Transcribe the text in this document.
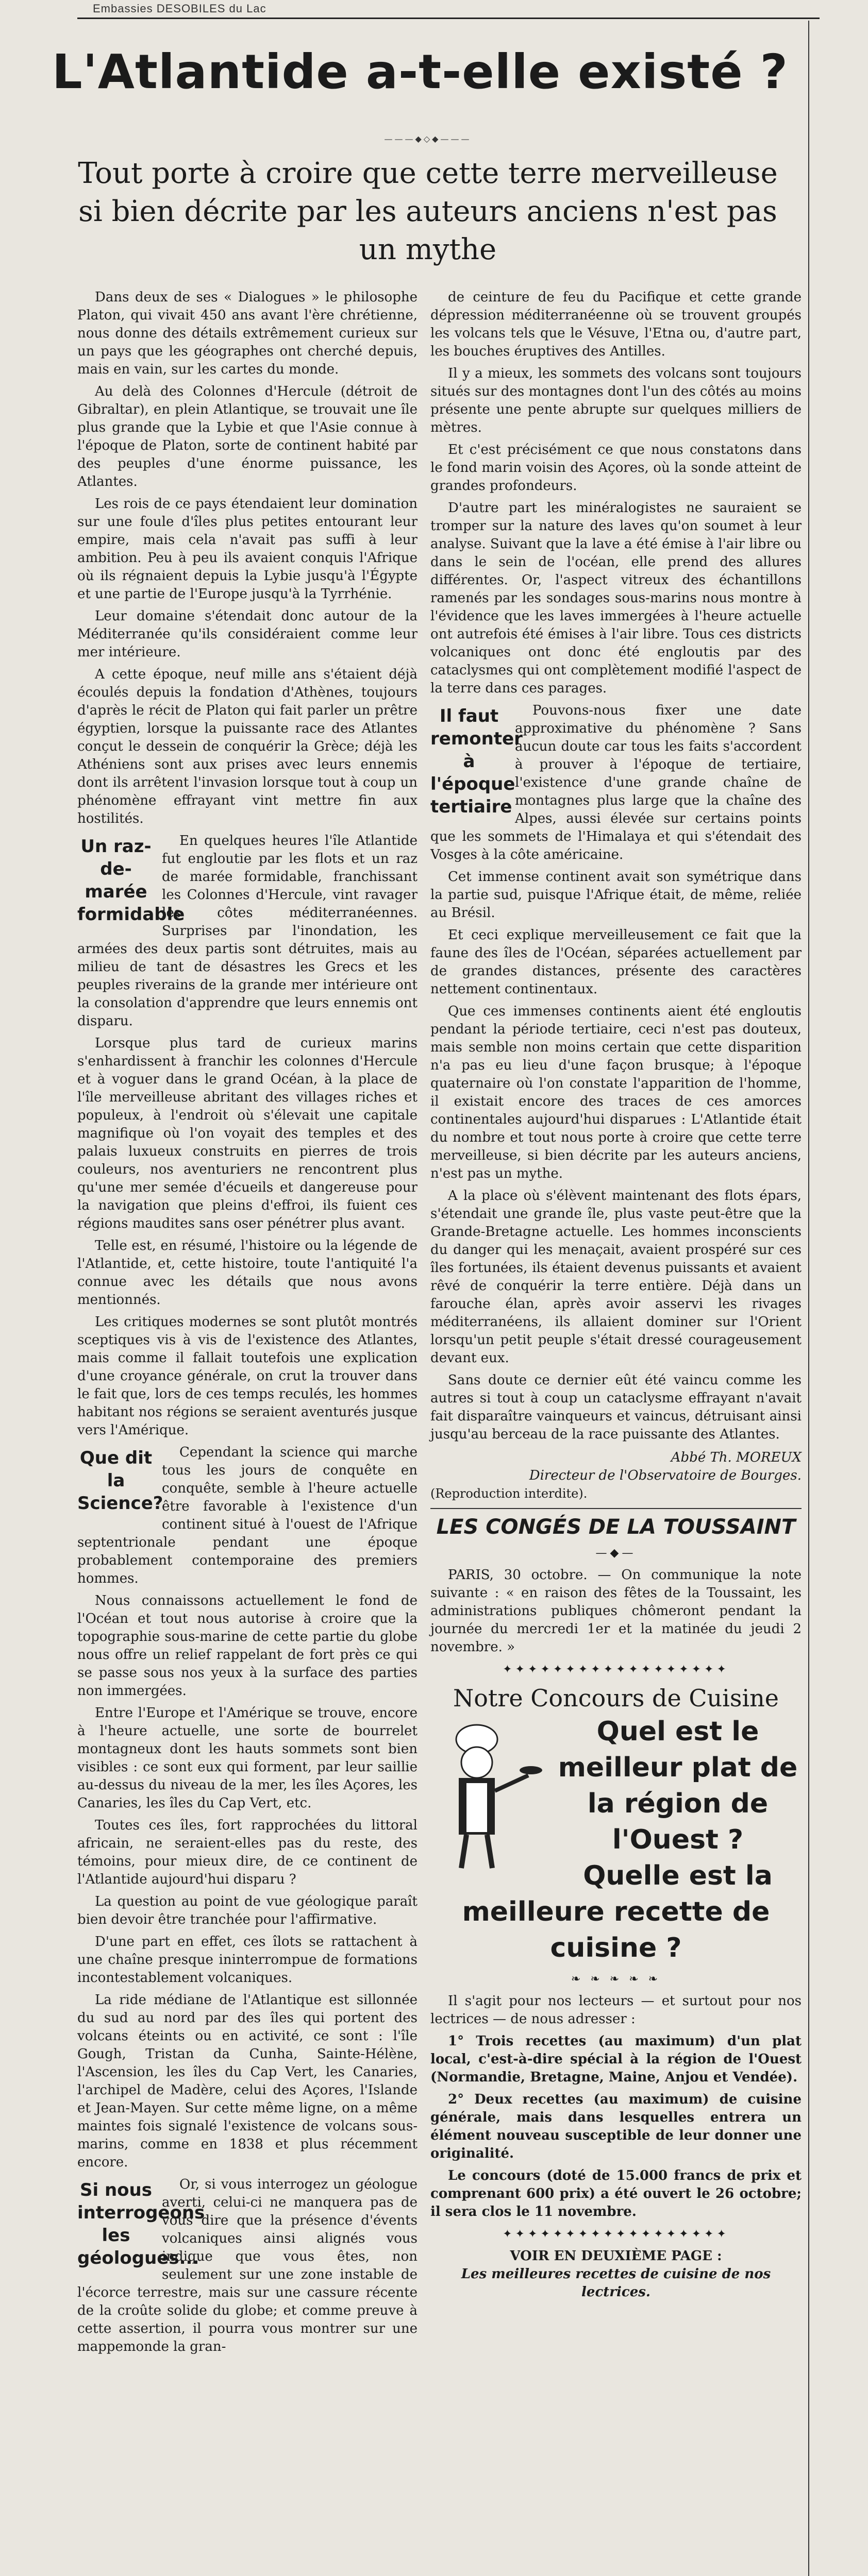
Embassies DESOBILES du Lac
L'Atlantide a-t-elle existé ?
———◆◇◆———
Tout porte à croire que cette terre merveilleuse si bien décrite par les auteurs anciens n'est pas un mythe

Dans deux de ses « Dialogues » le philosophe Platon, qui vivait 450 ans avant l'ère chrétienne, nous donne des détails extrêmement curieux sur un pays que les géographes ont cherché depuis, mais en vain, sur les cartes du monde.

Au delà des Colonnes d'Hercule (détroit de Gibraltar), en plein Atlantique, se trouvait une île plus grande que la Lybie et que l'Asie connue à l'époque de Platon, sorte de continent habité par des peuples d'une énorme puissance, les Atlantes.

Les rois de ce pays étendaient leur domination sur une foule d'îles plus petites entourant leur empire, mais cela n'avait pas suffi à leur ambition. Peu à peu ils avaient conquis l'Afrique où ils régnaient depuis la Lybie jusqu'à l'Égypte et une partie de l'Europe jusqu'à la Tyrrhénie.

Leur domaine s'étendait donc autour de la Méditerranée qu'ils considéraient comme leur mer intérieure.

A cette époque, neuf mille ans s'étaient déjà écoulés depuis la fondation d'Athènes, toujours d'après le récit de Platon qui fait parler un prêtre égyptien, lorsque la puissante race des Atlantes conçut le dessein de conquérir la Grèce; déjà les Athéniens sont aux prises avec leurs ennemis dont ils arrêtent l'invasion lorsque tout à coup un phénomène effrayant vint mettre fin aux hostilités.

Un raz-de-marée formidable

En quelques heures l'île Atlantide fut engloutie par les flots et un raz de marée formidable, franchissant les Colonnes d'Hercule, vint ravager les côtes méditerranéennes. Surprises par l'inondation, les armées des deux partis sont détruites, mais au milieu de tant de désastres les Grecs et les peuples riverains de la grande mer intérieure ont la consolation d'apprendre que leurs ennemis ont disparu.

Lorsque plus tard de curieux marins s'enhardissent à franchir les colonnes d'Hercule et à voguer dans le grand Océan, à la place de l'île merveilleuse abritant des villages riches et populeux, à l'endroit où s'élevait une capitale magnifique où l'on voyait des temples et des palais luxueux construits en pierres de trois couleurs, nos aventuriers ne rencontrent plus qu'une mer semée d'écueils et dangereuse pour la navigation que pleins d'effroi, ils fuient ces régions maudites sans oser pénétrer plus avant.

Telle est, en résumé, l'histoire ou la légende de l'Atlantide, et, cette histoire, toute l'antiquité l'a connue avec les détails que nous avons mentionnés.

Les critiques modernes se sont plutôt montrés sceptiques vis à vis de l'existence des Atlantes, mais comme il fallait toutefois une explication d'une croyance générale, on crut la trouver dans le fait que, lors de ces temps reculés, les hommes habitant nos régions se seraient aventurés jusque vers l'Amérique.

Que dit la Science?

Cependant la science qui marche tous les jours de conquête en conquête, semble à l'heure actuelle être favorable à l'existence d'un continent situé à l'ouest de l'Afrique septentrionale pendant une époque probablement contemporaine des premiers hommes.

Nous connaissons actuellement le fond de l'Océan et tout nous autorise à croire que la topographie sous-marine de cette partie du globe nous offre un relief rappelant de fort près ce qui se passe sous nos yeux à la surface des parties non immergées.

Entre l'Europe et l'Amérique se trouve, encore à l'heure actuelle, une sorte de bourrelet montagneux dont les hauts sommets sont bien visibles : ce sont eux qui forment, par leur saillie au-dessus du niveau de la mer, les îles Açores, les Canaries, les îles du Cap Vert, etc.

Toutes ces îles, fort rapprochées du littoral africain, ne seraient-elles pas du reste, des témoins, pour mieux dire, de ce continent de l'Atlantide aujourd'hui disparu ?

La question au point de vue géologique paraît bien devoir être tranchée pour l'affirmative.

D'une part en effet, ces îlots se rattachent à une chaîne presque ininterrompue de formations incontestablement volcaniques.

La ride médiane de l'Atlantique est sillonnée du sud au nord par des îles qui portent des volcans éteints ou en activité, ce sont : l'île Gough, Tristan da Cunha, Sainte-Hélène, l'Ascension, les îles du Cap Vert, les Canaries, l'archipel de Madère, celui des Açores, l'Islande et Jean-Mayen. Sur cette même ligne, on a même maintes fois signalé l'existence de volcans sous-marins, comme en 1838 et plus récemment encore.

Si nous interrogeons les géologues...

Or, si vous interrogez un géologue averti, celui-ci ne manquera pas de vous dire que la présence d'évents volcaniques ainsi alignés vous indique que vous êtes, non seulement sur une zone instable de l'écorce terrestre, mais sur une cassure récente de la croûte solide du globe; et comme preuve à cette assertion, il pourra vous montrer sur une mappemonde la gran-

de ceinture de feu du Pacifique et cette grande dépression méditerranéenne où se trouvent groupés les volcans tels que le Vésuve, l'Etna ou, d'autre part, les bouches éruptives des Antilles.

Il y a mieux, les sommets des volcans sont toujours situés sur des montagnes dont l'un des côtés au moins présente une pente abrupte sur quelques milliers de mètres.

Et c'est précisément ce que nous constatons dans le fond marin voisin des Açores, où la sonde atteint de grandes profondeurs.

D'autre part les minéralogistes ne sauraient se tromper sur la nature des laves qu'on soumet à leur analyse. Suivant que la lave a été émise à l'air libre ou dans le sein de l'océan, elle prend des allures différentes. Or, l'aspect vitreux des échantillons ramenés par les sondages sous-marins nous montre à l'évidence que les laves immergées à l'heure actuelle ont autrefois été émises à l'air libre. Tous ces districts volcaniques ont donc été engloutis par des cataclysmes qui ont complètement modifié l'aspect de la terre dans ces parages.

Il faut remonter à l'époque tertiaire

Pouvons-nous fixer une date approximative du phénomène ? Sans aucun doute car tous les faits s'accordent à prouver à l'époque de tertiaire, l'existence d'une grande chaîne de montagnes plus large que la chaîne des Alpes, aussi élevée sur certains points que les sommets de l'Himalaya et qui s'étendait des Vosges à la côte américaine.

Cet immense continent avait son symétrique dans la partie sud, puisque l'Afrique était, de même, reliée au Brésil.

Et ceci explique merveilleusement ce fait que la faune des îles de l'Océan, séparées actuellement par de grandes distances, présente des caractères nettement continentaux.

Que ces immenses continents aient été engloutis pendant la période tertiaire, ceci n'est pas douteux, mais semble non moins certain que cette disparition n'a pas eu lieu d'une façon brusque; à l'époque quaternaire où l'on constate l'apparition de l'homme, il existait encore des traces de ces amorces continentales aujourd'hui disparues : L'Atlantide était du nombre et tout nous porte à croire que cette terre merveilleuse, si bien décrite par les auteurs anciens, n'est pas un mythe.

A la place où s'élèvent maintenant des flots épars, s'étendait une grande île, plus vaste peut-être que la Grande-Bretagne actuelle. Les hommes inconscients du danger qui les menaçait, avaient prospéré sur ces îles fortunées, ils étaient devenus puissants et avaient rêvé de conquérir la terre entière. Déjà dans un farouche élan, après avoir asservi les rivages méditerranéens, ils allaient dominer sur l'Orient lorsqu'un petit peuple s'était dressé courageusement devant eux.

Sans doute ce dernier eût été vaincu comme les autres si tout à coup un cataclysme effrayant n'avait fait disparaître vainqueurs et vaincus, détruisant ainsi jusqu'au berceau de la race puissante des Atlantes.

Abbé Th. MOREUX
Directeur de l'Observatoire de Bourges.
(Reproduction interdite).
LES CONGÉS DE LA TOUSSAINT
—◆—

PARIS, 30 octobre. — On communique la note suivante : « en raison des fêtes de la Toussaint, les administrations publiques chômeront pendant la journée du mercredi 1er et la matinée du jeudi 2 novembre. »

✦✦✦✦✦✦✦✦✦✦✦✦✦✦✦✦✦✦
Notre Concours de Cuisine
Quel est le meilleur plat de la région de l'Ouest ?
Quelle est la meilleure recette de cuisine ?
❧ ❧ ❧ ❧ ❧

Il s'agit pour nos lecteurs — et surtout pour nos lectrices — de nous adresser :

1° Trois recettes (au maximum) d'un plat local, c'est-à-dire spécial à la région de l'Ouest (Normandie, Bretagne, Maine, Anjou et Vendée).

2° Deux recettes (au maximum) de cuisine générale, mais dans lesquelles entrera un élément nouveau susceptible de leur donner une originalité.

Le concours (doté de 15.000 francs de prix et comprenant 600 prix) a été ouvert le 26 octobre; il sera clos le 11 novembre.

✦✦✦✦✦✦✦✦✦✦✦✦✦✦✦✦✦✦
VOIR EN DEUXIÈME PAGE :
Les meilleures recettes de cuisine de nos lectrices.
